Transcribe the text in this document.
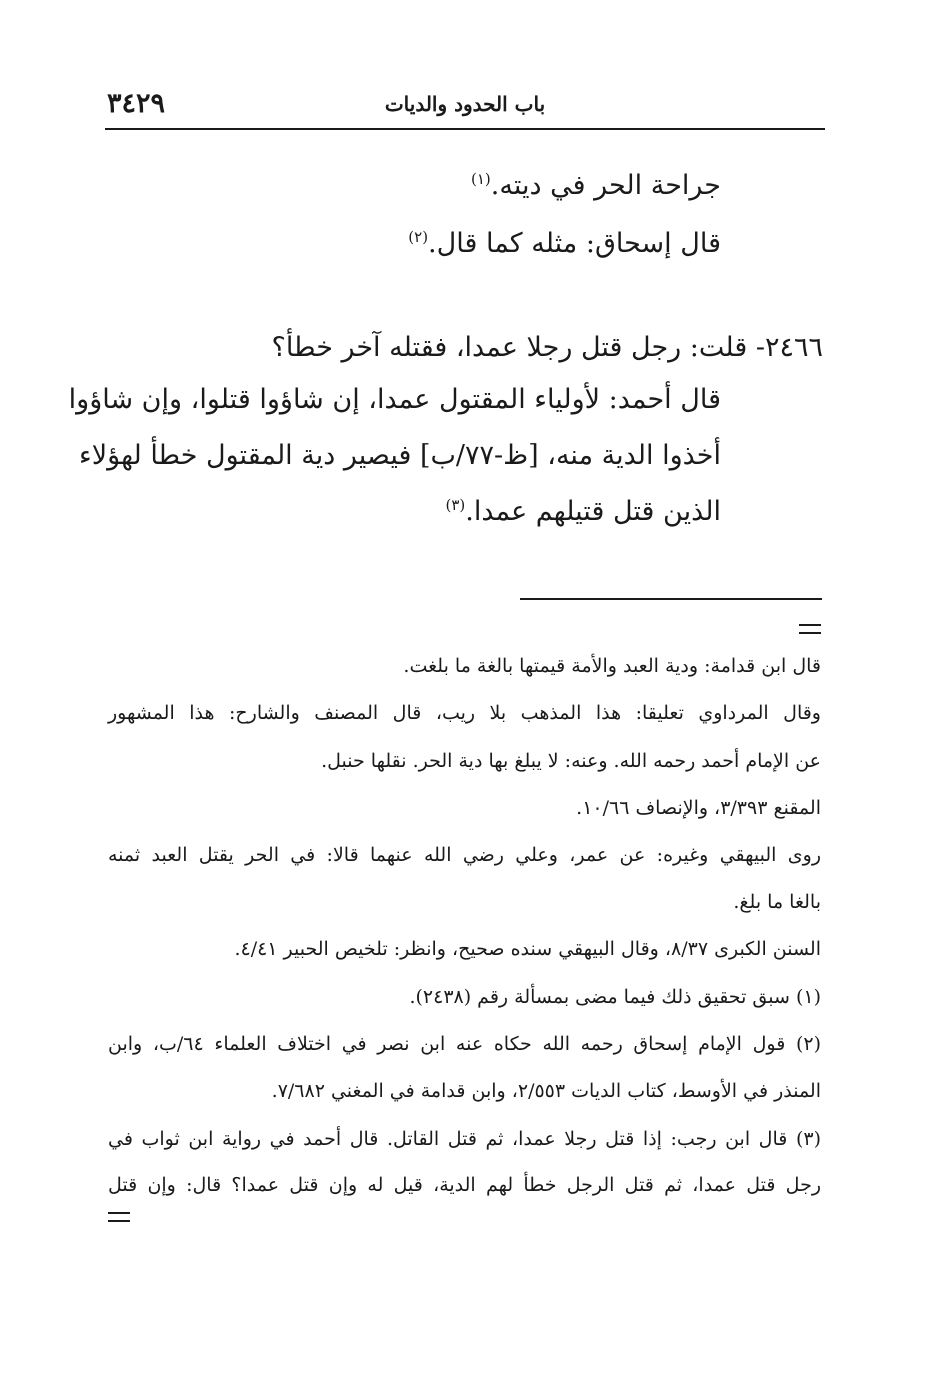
٣٤٢٩	باب الحدود والديات
جراحة الحر في ديته.$^{(١)}$
قال إسحاق: مثله كما قال.$^{(٢)}$
٢٤٦٦- قلت: رجل قتل رجلا عمدا، فقتله آخر خطأ؟
قال أحمد: لأولياء المقتول عمدا، إن شاؤوا قتلوا، وإن شاؤوا
أخذوا الدية منه، [ظ-٧٧/ب] فيصير دية المقتول خطأ لهؤلاء
الذين قتل قتيلهم عمدا.$^{(٣)}$
قال ابن قدامة: ودية العبد والأمة قيمتها بالغة ما بلغت.
وقال المرداوي تعليقا: هذا المذهب بلا ريب، قال المصنف والشارح: هذا المشهور
عن الإمام أحمد رحمه الله. وعنه: لا يبلغ بها دية الحر. نقلها حنبل.
المقنع ٣/٣٩٣، والإنصاف ١٠/٦٦.
روى البيهقي وغيره: عن عمر، وعلي رضي الله عنهما قالا: في الحر يقتل العبد ثمنه
بالغا ما بلغ.
السنن الكبرى ٨/٣٧، وقال البيهقي سنده صحيح، وانظر: تلخيص الحبير ٤/٤١.
(١) سبق تحقيق ذلك فيما مضى بمسألة رقم (٢٤٣٨).
(٢) قول الإمام إسحاق رحمه الله حكاه عنه ابن نصر في اختلاف العلماء ٦٤/ب، وابن
المنذر في الأوسط، كتاب الديات ٢/٥٥٣، وابن قدامة في المغني ٧/٦٨٢.
(٣) قال ابن رجب: إذا قتل رجلا عمدا، ثم قتل القاتل. قال أحمد في رواية ابن ثواب في
رجل قتل عمدا، ثم قتل الرجل خطأ لهم الدية، قيل له وإن قتل عمدا؟ قال: وإن قتل
